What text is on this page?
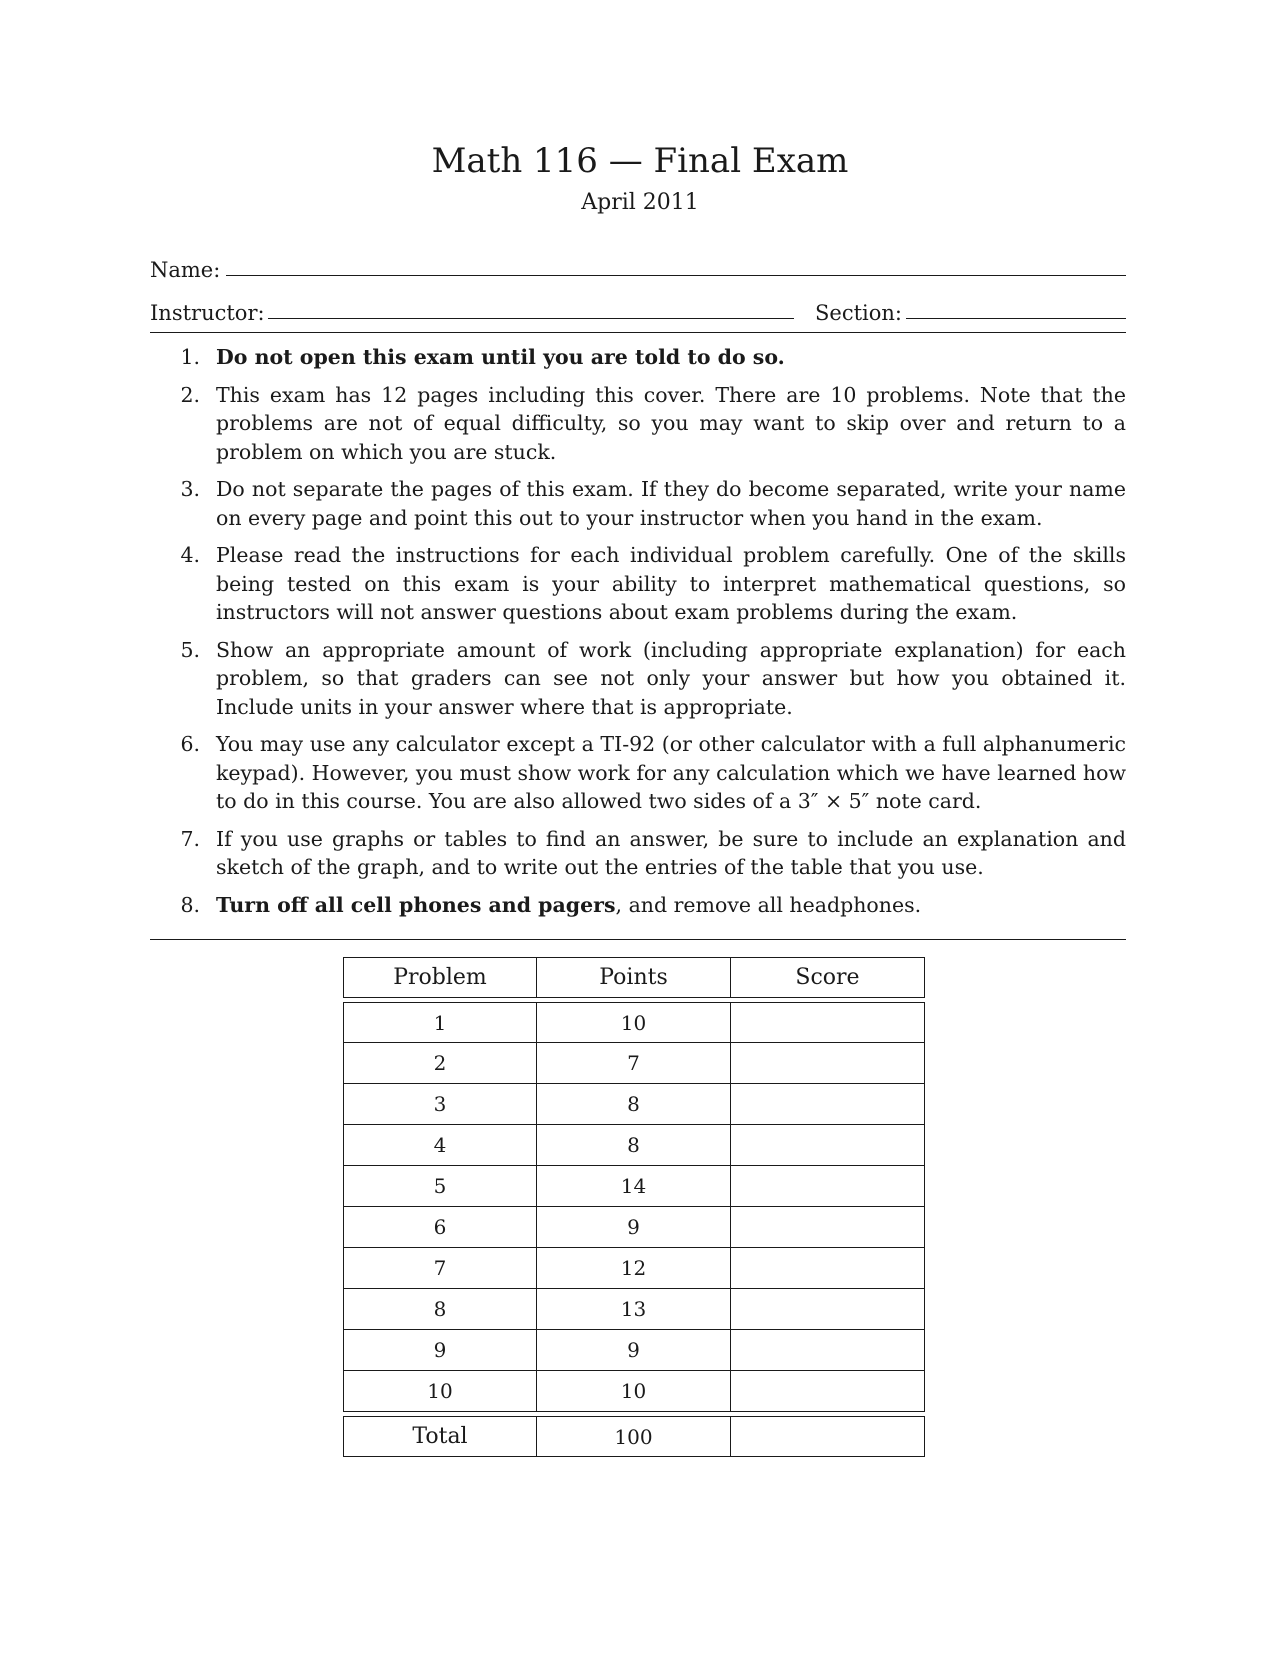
Math 116 — Final Exam
April 2011
Name:
Instructor:	Section:
1. Do not open this exam until you are told to do so.
2. This exam has 12 pages including this cover. There are 10 problems. Note that the problems are not of equal difficulty, so you may want to skip over and return to a problem on which you are stuck.
3. Do not separate the pages of this exam. If they do become separated, write your name on every page and point this out to your instructor when you hand in the exam.
4. Please read the instructions for each individual problem carefully. One of the skills being tested on this exam is your ability to interpret mathematical questions, so instructors will not answer questions about exam problems during the exam.
5. Show an appropriate amount of work (including appropriate explanation) for each problem, so that graders can see not only your answer but how you obtained it. Include units in your answer where that is appropriate.
6. You may use any calculator except a TI-92 (or other calculator with a full alphanumeric keypad). However, you must show work for any calculation which we have learned how to do in this course. You are also allowed two sides of a 3″ × 5″ note card.
7. If you use graphs or tables to find an answer, be sure to include an explanation and sketch of the graph, and to write out the entries of the table that you use.
8. Turn off all cell phones and pagers, and remove all headphones.
Problem	Points	Score

1	10	
2	7	
3	8	
4	8	
5	14	
6	9	
7	12	
8	13	
9	9	
10	10	

Total	100	
